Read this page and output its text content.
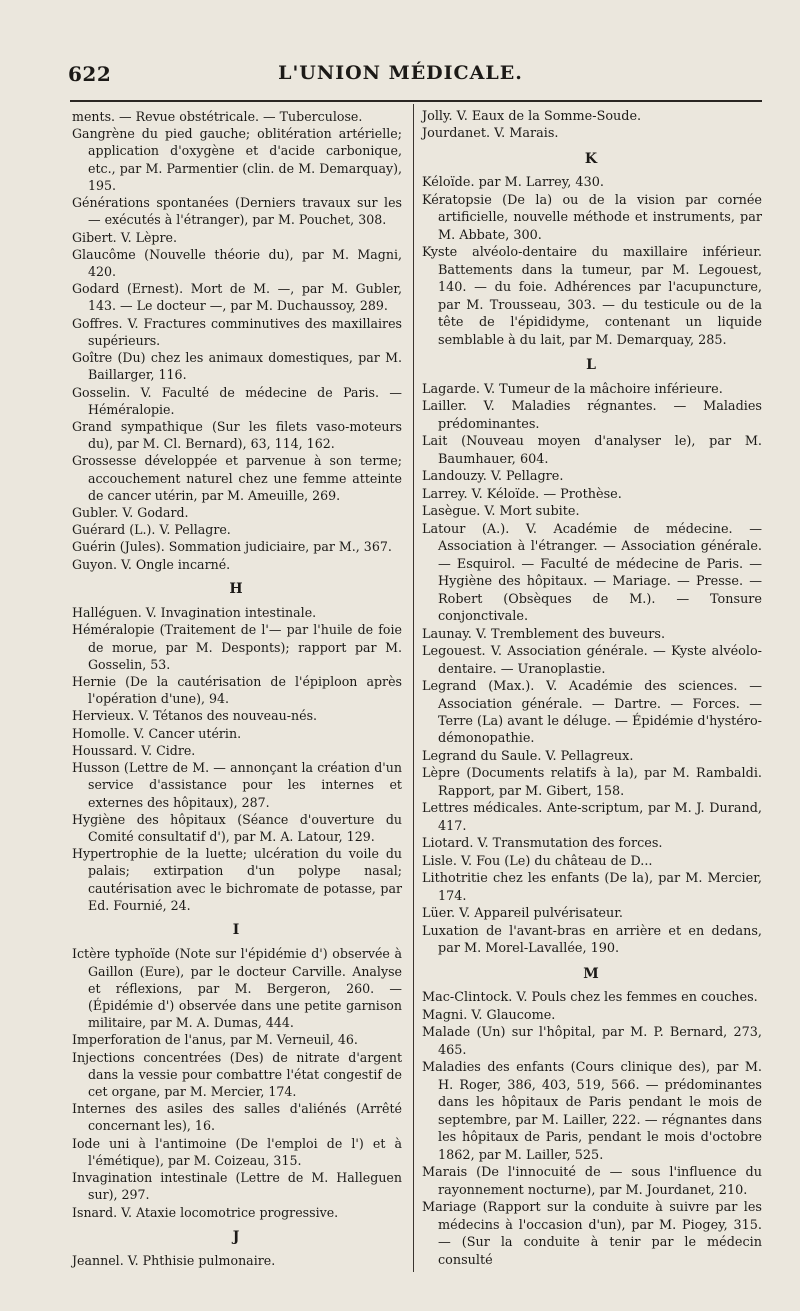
622	L'UNION MÉDICALE.

ments. — Revue obstétricale. — Tuberculose.

Gangrène du pied gauche; oblitération artérielle; application d'oxygène et d'acide carbonique, etc., par M. Parmentier (clin. de M. Demarquay), 195.

Générations spontanées (Derniers travaux sur les — exécutés à l'étranger), par M. Pouchet, 308.

Gibert. V. Lèpre.

Glaucôme (Nouvelle théorie du), par M. Magni, 420.

Godard (Ernest). Mort de M. —, par M. Gubler, 143. — Le docteur —, par M. Duchaussoy, 289.

Goffres. V. Fractures comminutives des maxillaires supérieurs.

Goître (Du) chez les animaux domestiques, par M. Baillarger, 116.

Gosselin. V. Faculté de médecine de Paris. — Héméralopie.

Grand sympathique (Sur les filets vaso-moteurs du), par M. Cl. Bernard), 63, 114, 162.

Grossesse développée et parvenue à son terme; accouchement naturel chez une femme atteinte de cancer utérin, par M. Ameuille, 269.

Gubler. V. Godard.

Guérard (L.). V. Pellagre.

Guérin (Jules). Sommation judiciaire, par M., 367.

Guyon. V. Ongle incarné.

H

Halléguen. V. Invagination intestinale.

Héméralopie (Traitement de l'— par l'huile de foie de morue, par M. Desponts); rapport par M. Gosselin, 53.

Hernie (De la cautérisation de l'épiploon après l'opération d'une), 94.

Hervieux. V. Tétanos des nouveau-nés.

Homolle. V. Cancer utérin.

Houssard. V. Cidre.

Husson (Lettre de M. — annonçant la création d'un service d'assistance pour les internes et externes des hôpitaux), 287.

Hygiène des hôpitaux (Séance d'ouverture du Comité consultatif d'), par M. A. Latour, 129.

Hypertrophie de la luette; ulcération du voile du palais; extirpation d'un polype nasal; cautérisation avec le bichromate de potasse, par Ed. Fournié, 24.

I

Ictère typhoïde (Note sur l'épidémie d') observée à Gaillon (Eure), par le docteur Carville. Analyse et réflexions, par M. Bergeron, 260. — (Épidémie d') observée dans une petite garnison militaire, par M. A. Dumas, 444.

Imperforation de l'anus, par M. Verneuil, 46.

Injections concentrées (Des) de nitrate d'argent dans la vessie pour combattre l'état congestif de cet organe, par M. Mercier, 174.

Internes des asiles des salles d'aliénés (Arrêté concernant les), 16.

Iode uni à l'antimoine (De l'emploi de l') et à l'émétique), par M. Coizeau, 315.

Invagination intestinale (Lettre de M. Halleguen sur), 297.

Isnard. V. Ataxie locomotrice progressive.

J

Jeannel. V. Phthisie pulmonaire.

Jolly. V. Eaux de la Somme-Soude.

Jourdanet. V. Marais.

K

Kéloïde. par M. Larrey, 430.

Kératopsie (De la) ou de la vision par cornée artificielle, nouvelle méthode et instruments, par M. Abbate, 300.

Kyste alvéolo-dentaire du maxillaire inférieur. Battements dans la tumeur, par M. Legouest, 140. — du foie. Adhérences par l'acupuncture, par M. Trousseau, 303. — du testicule ou de la tête de l'épididyme, contenant un liquide semblable à du lait, par M. Demarquay, 285.

L

Lagarde. V. Tumeur de la mâchoire inférieure.

Lailler. V. Maladies régnantes. — Maladies prédominantes.

Lait (Nouveau moyen d'analyser le), par M. Baumhauer, 604.

Landouzy. V. Pellagre.

Larrey. V. Kéloïde. — Prothèse.

Lasègue. V. Mort subite.

Latour (A.). V. Académie de médecine. — Association à l'étranger. — Association générale. — Esquirol. — Faculté de médecine de Paris. — Hygiène des hôpitaux. — Mariage. — Presse. — Robert (Obsèques de M.). — Tonsure conjonctivale.

Launay. V. Tremblement des buveurs.

Legouest. V. Association générale. — Kyste alvéolo-dentaire. — Uranoplastie.

Legrand (Max.). V. Académie des sciences. — Association générale. — Dartre. — Forces. — Terre (La) avant le déluge. — Épidémie d'hystéro-démonopathie.

Legrand du Saule. V. Pellagreux.

Lèpre (Documents relatifs à la), par M. Rambaldi. Rapport, par M. Gibert, 158.

Lettres médicales. Ante-scriptum, par M. J. Durand, 417.

Liotard. V. Transmutation des forces.

Lisle. V. Fou (Le) du château de D...

Lithotritie chez les enfants (De la), par M. Mercier, 174.

Lüer. V. Appareil pulvérisateur.

Luxation de l'avant-bras en arrière et en dedans, par M. Morel-Lavallée, 190.

M

Mac-Clintock. V. Pouls chez les femmes en couches.

Magni. V. Glaucome.

Malade (Un) sur l'hôpital, par M. P. Bernard, 273, 465.

Maladies des enfants (Cours clinique des), par M. H. Roger, 386, 403, 519, 566. — prédominantes dans les hôpitaux de Paris pendant le mois de septembre, par M. Lailler, 222. — régnantes dans les hôpitaux de Paris, pendant le mois d'octobre 1862, par M. Lailler, 525.

Marais (De l'innocuité de — sous l'influence du rayonnement nocturne), par M. Jourdanet, 210.

Mariage (Rapport sur la conduite à suivre par les médecins à l'occasion d'un), par M. Piogey, 315. — (Sur la conduite à tenir par le médecin consulté
